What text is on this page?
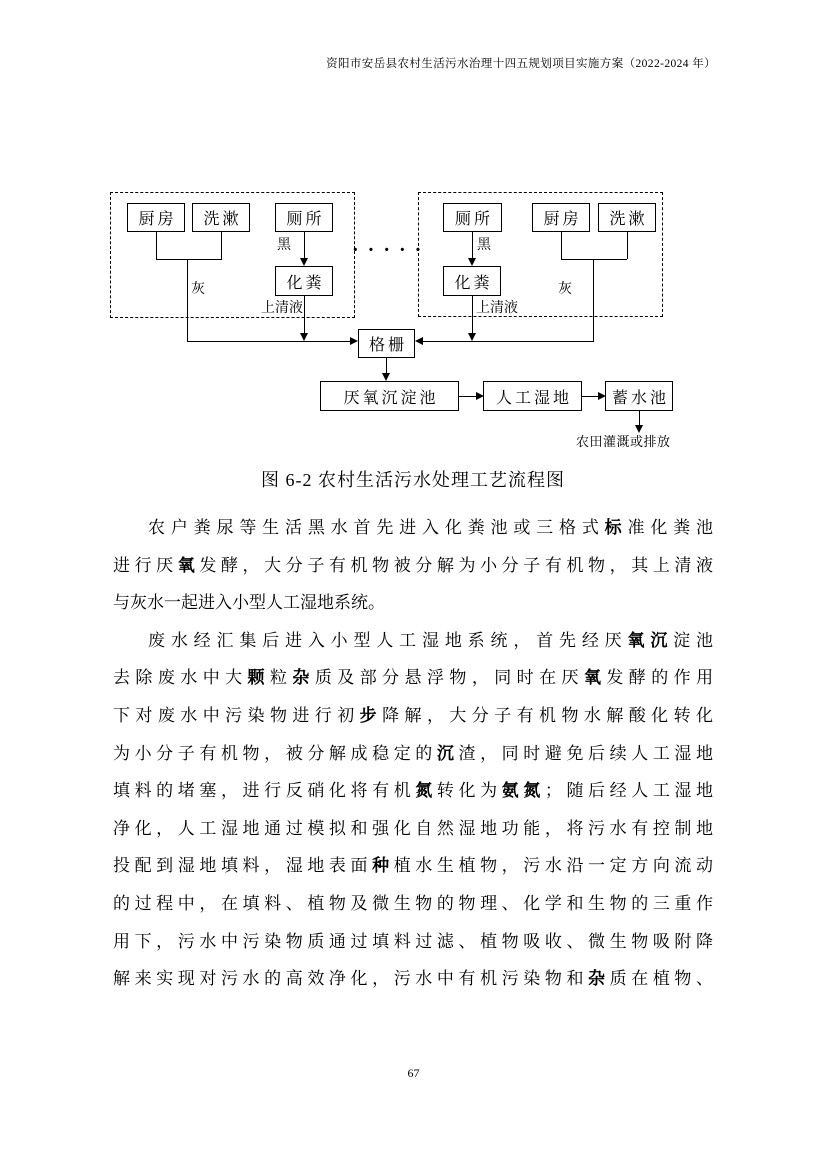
资阳市安岳县农村生活污水治理十四五规划项目实施方案（2022-2024 年）
厨房 洗漱	厕所
化粪
厕所	厨房 洗漱
化粪
·····
格栅
厌氧沉淀池	人工湿地 蓄水池
黑	黑
灰	灰
上清液	上清液
农田灌溉或排放
图 6-2 农村生活污水处理工艺流程图
农户粪尿等生活黑水首先进入化粪池或三格式标准化粪池
进行厌氧发酵，大分子有机物被分解为小分子有机物，其上清液
与灰水一起进入小型人工湿地系统。
废水经汇集后进入小型人工湿地系统，首先经厌氧沉淀池
去除废水中大颗粒杂质及部分悬浮物，同时在厌氧发酵的作用
下对废水中污染物进行初步降解，大分子有机物水解酸化转化
为小分子有机物，被分解成稳定的沉渣，同时避免后续人工湿地
填料的堵塞，进行反硝化将有机氮转化为氨氮；随后经人工湿地
净化，人工湿地通过模拟和强化自然湿地功能，将污水有控制地
投配到湿地填料，湿地表面种植水生植物，污水沿一定方向流动
的过程中，在填料、植物及微生物的物理、化学和生物的三重作
用下，污水中污染物质通过填料过滤、植物吸收、微生物吸附降
解来实现对污水的高效净化，污水中有机污染物和杂质在植物、
67
